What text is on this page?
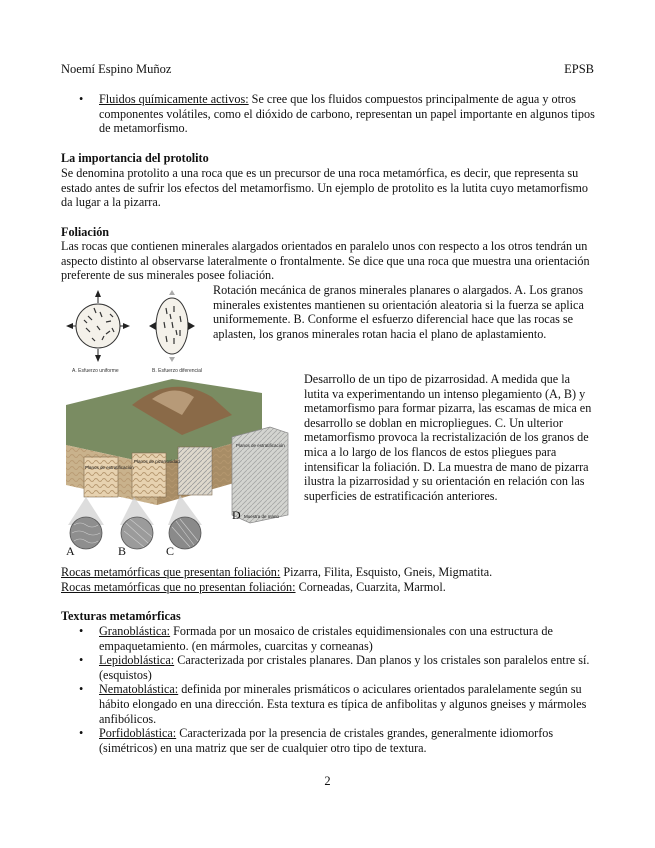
Noemí Espino Muñoz	EPSB
• Fluidos químicamente activos: Se cree que los fluidos compuestos principalmente de agua y otros componentes volátiles, como el dióxido de carbono, representan un papel importante en algunos tipos de metamorfismo.
La importancia del protolito
Se denomina protolito a una roca que es un precursor de una roca metamórfica, es decir, que representa su estado antes de sufrir los efectos del metamorfismo. Un ejemplo de protolito es la lutita cuyo metamorfismo da lugar a la pizarra.
Foliación
Las rocas que contienen minerales alargados orientados en paralelo unos con respecto a los otros tendrán un aspecto distinto al observarse lateralmente o frontalmente. Se dice que una roca que muestra una orientación preferente de sus minerales posee foliación.
A. Esfuerzo uniforme	B. Esfuerzo diferencial
Rotación mecánica de granos minerales planares o alargados. A. Los granos minerales existentes mantienen su orientación aleatoria si la fuerza se aplica uniformemente. B. Conforme el esfuerzo diferencial hace que las rocas se aplasten, los granos minerales rotan hacia el plano de aplastamiento.
Planos de estratificación
Planos de pizarrosidad
Planos de estratificación
Muestra de mano
A	B	C
D
Desarrollo de un tipo de pizarrosidad. A medida que la lutita va experimentando un intenso plegamiento (A, B) y metamorfismo para formar pizarra, las escamas de mica en desarrollo se doblan en micropliegues. C. Un ulterior metamorfismo provoca la recristalización de los granos de mica a lo largo de los flancos de estos pliegues para intensificar la foliación. D. La muestra de mano de pizarra ilustra la pizarrosidad y su orientación en relación con las superficies de estratificación anteriores.
Rocas metamórficas que presentan foliación: Pizarra, Filita, Esquisto, Gneis, Migmatita.
Rocas metamórficas que no presentan foliación: Corneadas, Cuarzita, Marmol.
Texturas metamórficas
• Granoblástica: Formada por un mosaico de cristales equidimensionales con una estructura de empaquetamiento. (en mármoles, cuarcitas y corneanas)
• Lepidoblástica: Caracterizada por cristales planares. Dan planos y los cristales son paralelos entre sí. (esquistos)
• Nematoblástica: definida por minerales prismáticos o aciculares orientados paralelamente según su hábito elongado en una dirección. Esta textura es típica de anfibolitas y algunos gneises y mármoles anfibólicos.
• Porfidoblástica: Caracterizada por la presencia de cristales grandes, generalmente idiomorfos (simétricos) en una matriz que ser de cualquier otro tipo de textura.
2
